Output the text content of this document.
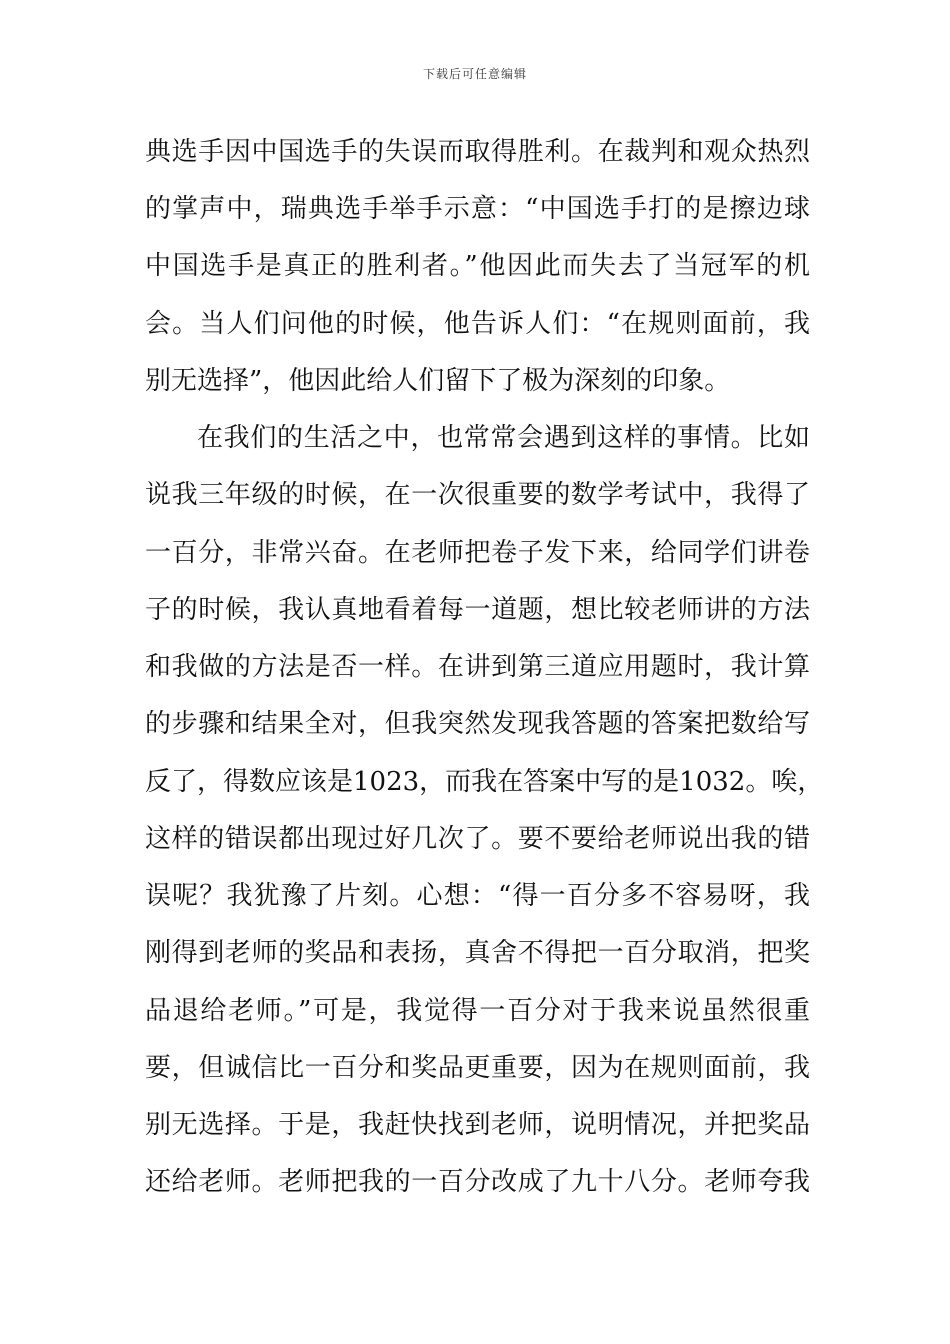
下载后可任意编辑
典选手因中国选手的失误而取得胜利。在裁判和观众热烈
的掌声中，瑞典选手举手示意：“中国选手打的是擦边球
中国选手是真正的胜利者。”他因此而失去了当冠军的机
会。当人们问他的时候，他告诉人们：“在规则面前，我
别无选择”，他因此给人们留下了极为深刻的印象。
在我们的生活之中，也常常会遇到这样的事情。比如
说我三年级的时候，在一次很重要的数学考试中，我得了
一百分，非常兴奋。在老师把卷子发下来，给同学们讲卷
子的时候，我认真地看着每一道题，想比较老师讲的方法
和我做的方法是否一样。在讲到第三道应用题时，我计算
的步骤和结果全对，但我突然发现我答题的答案把数给写
反了，得数应该是1023，而我在答案中写的是1032。唉，
这样的错误都出现过好几次了。要不要给老师说出我的错
误呢？我犹豫了片刻。心想：“得一百分多不容易呀，我
刚得到老师的奖品和表扬，真舍不得把一百分取消，把奖
品退给老师。”可是，我觉得一百分对于我来说虽然很重
要，但诚信比一百分和奖品更重要，因为在规则面前，我
别无选择。于是，我赶快找到老师，说明情况，并把奖品
还给老师。老师把我的一百分改成了九十八分。老师夸我
